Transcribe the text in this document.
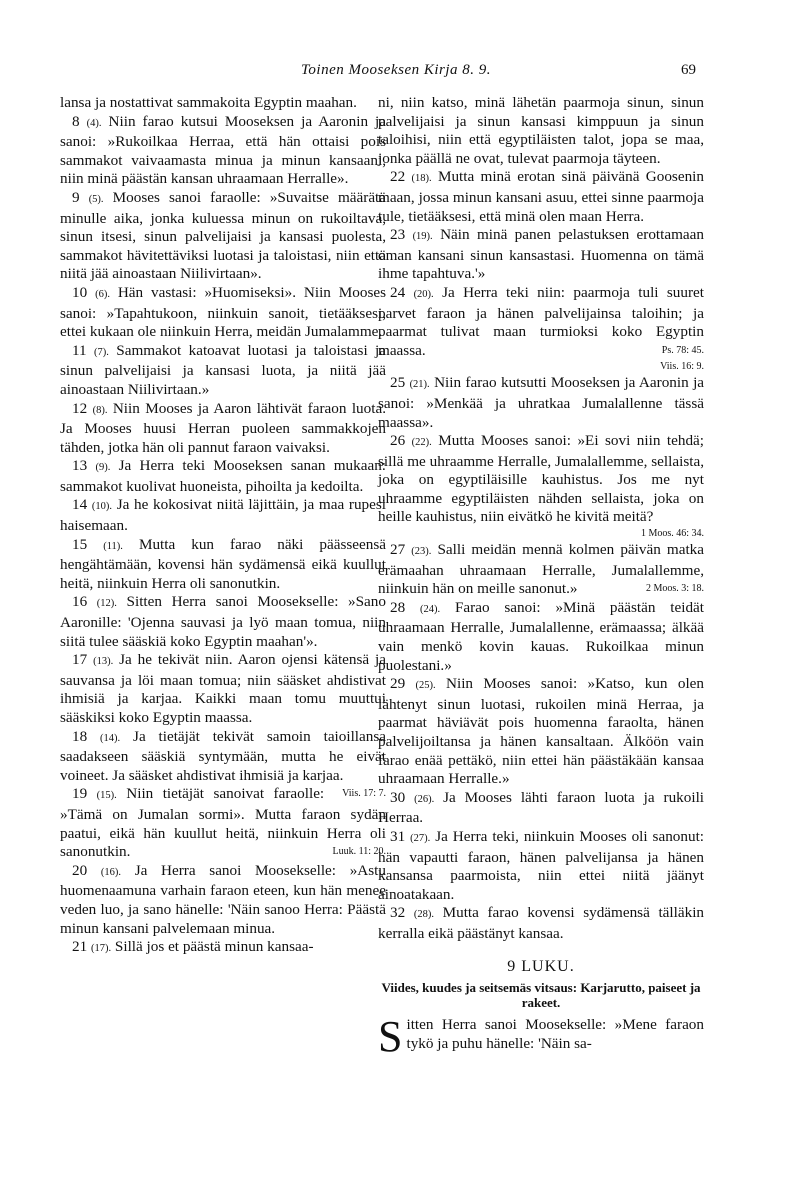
Toinen Mooseksen Kirja 8. 9.	69

lansa ja nostattivat sammakoita Egyptin maahan.

8 (4). Niin farao kutsui Mooseksen ja Aaronin ja sanoi: »Rukoilkaa Herraa, että hän ottaisi pois sammakot vaivaamasta minua ja minun kansaani, niin minä päästän kansan uhraamaan Herralle».

9 (5). Mooses sanoi faraolle: »Suvaitse määrätä minulle aika, jonka kuluessa minun on rukoiltava, sinun itsesi, sinun palvelijaisi ja kansasi puolesta, sammakot hävitettäviksi luotasi ja taloistasi, niin että niitä jää ainoastaan Niilivirtaan».

10 (6). Hän vastasi: »Huomiseksi». Niin Mooses sanoi: »Tapahtukoon, niinkuin sanoit, tietääksesi, ettei kukaan ole niinkuin Herra, meidän Jumalamme.

11 (7). Sammakot katoavat luotasi ja taloistasi ja sinun palvelijaisi ja kansasi luota, ja niitä jää ainoastaan Niilivirtaan.»

12 (8). Niin Mooses ja Aaron lähtivät faraon luota. Ja Mooses huusi Herran puoleen sammakkojen tähden, jotka hän oli pannut faraon vaivaksi.

13 (9). Ja Herra teki Mooseksen sanan mukaan: sammakot kuolivat huoneista, pihoilta ja kedoilta.

14 (10). Ja he kokosivat niitä läjittäin, ja maa rupesi haisemaan.

15 (11). Mutta kun farao näki päässeensä hengähtämään, kovensi hän sydämensä eikä kuullut heitä, niinkuin Herra oli sanonutkin.

16 (12). Sitten Herra sanoi Moosekselle: »Sano Aaronille: 'Ojenna sauvasi ja lyö maan tomua, niin siitä tulee sääskiä koko Egyptin maahan'».

17 (13). Ja he tekivät niin. Aaron ojensi kätensä ja sauvansa ja löi maan tomua; niin sääsket ahdistivat ihmisiä ja karjaa. Kaikki maan tomu muuttui sääskiksi koko Egyptin maassa.

18 (14). Ja tietäjät tekivät samoin taioillansa saadakseen sääskiä syntymään, mutta he eivät voineet. Ja sääsket ahdistivat ihmisiä ja karjaa.
Viis. 17: 7.

19 (15). Niin tietäjät sanoivat faraolle: »Tämä on Jumalan sormi». Mutta faraon sydän paatui, eikä hän kuullut heitä, niinkuin Herra oli sanonutkin.	Luuk. 11: 20.

20 (16). Ja Herra sanoi Moosekselle: »Astu huomenaamuna varhain faraon eteen, kun hän menee veden luo, ja sano hänelle: 'Näin sanoo Herra: Päästä minun kansani palvelemaan minua.

21 (17). Sillä jos et päästä minun kansaa-

ni, niin katso, minä lähetän paarmoja sinun, sinun palvelijaisi ja sinun kansasi kimppuun ja sinun taloihisi, niin että egyptiläisten talot, jopa se maa, jonka päällä ne ovat, tulevat paarmoja täyteen.

22 (18). Mutta minä erotan sinä päivänä Goosenin maan, jossa minun kansani asuu, ettei sinne paarmoja tule, tietääksesi, että minä olen maan Herra.

23 (19). Näin minä panen pelastuksen erottamaan oman kansani sinun kansastasi. Huomenna on tämä ihme tapahtuva.'»

24 (20). Ja Herra teki niin: paarmoja tuli suuret parvet faraon ja hänen palvelijainsa taloihin; ja paarmat tulivat maan turmioksi koko Egyptin maassa.	Ps. 78: 45.

Viis. 16: 9.

25 (21). Niin farao kutsutti Mooseksen ja Aaronin ja sanoi: »Menkää ja uhratkaa Jumalallenne tässä maassa».

26 (22). Mutta Mooses sanoi: »Ei sovi niin tehdä; sillä me uhraamme Herralle, Jumalallemme, sellaista, joka on egyptiläisille kauhistus. Jos me nyt uhraamme egyptiläisten nähden sellaista, joka on heille kauhistus, niin eivätkö he kivitä meitä?

1 Moos. 46: 34.

27 (23). Salli meidän mennä kolmen päivän matka erämaahan uhraamaan Herralle, Jumalallemme, niinkuin hän on meille sanonut.»	2 Moos. 3: 18.

28 (24). Farao sanoi: »Minä päästän teidät uhraamaan Herralle, Jumalallenne, erämaassa; älkää vain menkö kovin kauas. Rukoilkaa minun puolestani.»

29 (25). Niin Mooses sanoi: »Katso, kun olen lähtenyt sinun luotasi, rukoilen minä Herraa, ja paarmat häviävät pois huomenna faraolta, hänen palvelijoiltansa ja hänen kansaltaan. Älköön vain farao enää pettäkö, niin ettei hän päästäkään kansaa uhraamaan Herralle.»

30 (26). Ja Mooses lähti faraon luota ja rukoili Herraa.

31 (27). Ja Herra teki, niinkuin Mooses oli sanonut: hän vapautti faraon, hänen palvelijansa ja hänen kansansa paarmoista, niin ettei niitä jäänyt ainoatakaan.

32 (28). Mutta farao kovensi sydämensä tälläkin kerralla eikä päästänyt kansaa.

9 LUKU.
Viides, kuudes ja seitsemäs vitsaus: Karjarutto, paiseet ja rakeet.

Sitten Herra sanoi Moosekselle: »Mene faraon tykö ja puhu hänelle: 'Näin sa-
